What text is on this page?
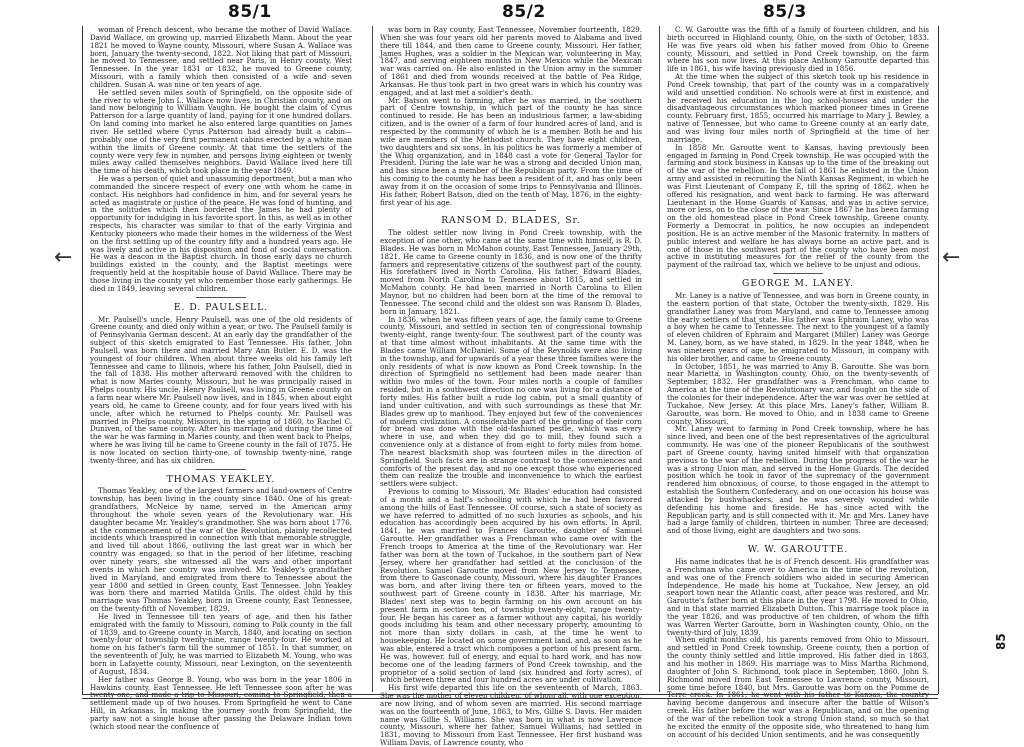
85/1	85/2	85/3
←	←
85

woman of French descent, who became the mother of David Wallace. David Wallace, on growing up, married Elizabeth Mann. About the year 1821 he moved to Wayne county, Missouri, where Susan A. Wallace was born, January the twenty-second, 1822. Not liking that part of Missouri, he moved to Tennessee, and settled near Paris, in Henry county, West Tennessee. In the year 1831 or 1832, he moved to Greene county, Missouri, with a family which then consisted of a wife and seven children. Susan A. was nine or ten years of age.

He settled seven miles south of Springfield, on the opposite side of the river to where John L. Wallace now lives, in Christian county, and on land now belonging to William Vaughn. He bought the claim of Cyrus Patterson for a large quantity of land, paying for it one hundred dollars. On land coming into market he also entered large quantities on James river. He settled where Cyrus Patterson had already built a cabin—probably one of the very first permanent cabins erected by a white man within the limits of Greene county. At that time the settlers of the county were very few in number, and persons living eighteen or twenty miles away called themselves neighbors. David Wallace lived here till the time of his death, which took place in the year 1849.

He was a person of quiet and unassuming deportment, but a man who commanded the sincere respect of every one with whom he came in contact. His neighbors had confidence in him, and for several years he acted as magistrate or justice of the peace. He was fond of hunting, and in the solitudes which then bordered the James he had plenty of opportunity for indulging in his favorite sport. In this, as well as in other respects, his character was similar to that of the early Virginia and Kentucky pioneers who made their homes in the wilderness of the West on the first settling up of the country fifty and a hundred years ago. He was lively and active in his disposition and fond of social conversation. He was a deacon in the Baptist church. In those early days no church buildings existed in the county, and the Baptist meetings were frequently held at the hospitable house of David Wallace. There may be those living in the county yet who remember those early gatherings. He died in 1849, leaving several children.

E. D. PAULSELL.

Mr. Paulsell's uncle, Henry Paulsell, was one of the old residents of Greene county, and died only within a year, or two. The Paulsell family is of Pennsylvania German descent. At an early day the grandfather of the subject of this sketch emigrated to East Tennessee. His father, John Paulsell, was born there and married Mary Ann Butler. E. D. was the youngest of four children. When about three weeks old his family left Tennessee and came to Illinois, where his father, John Paulsell, died in the fall of 1838. His mother afterward removed with the children to what is now Maries county, Missouri, but he was principally raised in Phelps county. His uncle, Henry Paulsell, was living in Greene county on a farm near where Mr. Paulsell now lives, and in 1845, when about eight years old, he came to Greene county, and for four years lived with his uncle, after which he returned to Phelps county. Mr. Paulsell was married in Phelps county, Missouri, in the spring of 1860, to Rachel C. Duniven, of the same county. After his marriage and during the time of the war he was farming in Maries county, and then went back to Phelps, where he was living till he came to Greene county in the fall of 1875. He is now located on section thirty-one, of township twenty-nine, range twenty-three, and has six children.

THOMAS YEAKLEY.

Thomas Yeakley, one of the largest farmers and land-owners of Centre township, has been living in the county since 1840. One of his great-grandfathers, McNeice by name, served in the American army throughout the whole seven years of the Revolutionary war. His daughter became Mr. Yeakley's grandmother. She was born about 1776, at the commencement of the war of the Revolution, plainly recollected incidents which transpired in connection with that memorable struggle, and lived till about 1866, outliving the last great war in which her country was engaged, so that in the period of her lifetime, reaching over ninety years, she witnessed all the wars and other important events in which her country was involved. Mr. Yeakley's grandfather lived in Maryland, and emigrated from there to Tennessee about the year 1800 and settled in Green county, East Tennessee. John Yeakley was born there and married Matilda Grills. The oldest child by this marriage was Thomas Yeakley, born in Greene county, East Tennessee, on the twenty-fifth of November, 1829.

He lived in Tennessee till ten years of age, and then his father emigrated with the family to Missouri, coming to Polk county in the fall of 1839, and to Greene county in March, 1840, and locating on section twenty-four of township twenty-nine, range twenty-four. He worked at home on his father's farm till the summer of 1851. In that summer, on the seventeenth of July, he was married to Elizabeth M. Young, who was born in Lafayette county, Missouri, near Lexington, on the seventeenth of August, 1834.

Her father was George B. Young, who was born in the year 1806 in Hawkins county, East Tennessee. He left Tennessee soon after he was twenty-one, and made a trip to Missouri, coming to Springfield, then a settlement made up of two houses. From Springfield he went to Cane Hill, in Arkansas. In making the journey south from Springfield, the party saw not a single house after passing the Delaware Indian town (which stood near the confluence of

was born in Ray county, East Tennessee, November fourteenth, 1829. When she was four years old her parents moved to Alabama and lived there till 1844, and then came to Greene county, Missouri. Her father, James Hughes, was a soldier in the Mexican war, volunteering in May, 1847, and serving eighteen months in New Mexico while the Mexican war was carried on. He also enlisted in the Union army in the summer of 1861 and died from wounds received at the battle of Pea Ridge, Arkansas. He thus took part in two great wars in which his country was engaged, and at last met a soldier's death.

Mr. Batson went to farming, after he was married, in the southern part of Centre township, in which part of the county he has since continued to reside. He has been an industrious farmer, a law-abiding citizen, and is the owner of a farm of four hundred acres of land, and is respected by the community of which he is a member. Both he and his wife are members of the Methodist church. They have eight children, two daughters and six sons. In his politics he was formerly a member of the Whig organization, and in 1848 cast a vote for General Taylor for President. During the late war he was a strong and decided Union man, and has since been a member of the Republican party. From the time of his coming to the county he has been a resident of it, and has only been away from it on the occasion of some trips to Pennsylvania and Illinois. His father, Robert Batson, died on the tenth of May, 1876, in the eighty-first year of his age.

RANSOM D. BLADES, Sr.

The oldest settler now living in Pond Creek township, with the exception of one other, who came at the same time with himself, is R. D. Blades. He was born in McMahon county, East Tennessee, January 29th, 1821. He came to Greene county in 1836, and is now one of the thrifty farmers and representative citizens of the southwest part of the county. His forefathers lived in North Carolina. His father, Edward Blades, moved from North Carolina to Tennessee about 1815, and settled in McMahon county. He had been married in North Carolina to Ellen Maynor, but no children had been born at the time of the removal to Tennessee. The second child and the oldest son was Ransom D. Blades, born in January, 1821.

In 1836, when he was fifteen years of age, the family came to Greene county, Missouri, and settled in section ten of congressional township twenty-eight, range twenty-four. The southwest part of the county was at that time almost without inhabitants. At the same time with the Blades came William McDaniel. Some of the Reynolds were also living in the township, and for upwards of a year these three families were the only residents of what is now known as Pond Creek township. In the direction of Springfield no settlement had been made nearer than within two miles of the town. Four miles north a couple of families resided, but in a southwest direction no one was living for a distance of forty miles. His father built a rude log cabin, put a small quantity of land under cultivation, and with such surroundings as these that Mr. Blades grew up to manhood. They enjoyed but few of the conveniences of modern civilization. A considerable part of the grinding of their corn for bread was done with the old-fashioned pestle, which was every where in use, and when they did go to mill, they found such a convenience only at a distance of from eight to forty miles from home. The nearest blacksmith shop was fourteen miles in the direction of Springfield. Such facts are in strange contrast to the conveniences and comforts of the present day, and no one except those who experienced them can realize the trouble and inconvenience to which the earliest settlers were subject.

Previous to coming to Missouri, Mr. Blades' education had consisted of a month and a half's schooling with which he had been favored among the hills of East Tennessee. Of course, such a state of society as we have referred to admitted of no such luxuries as schools, and his education has accordingly been acquired by his own efforts. In April, 1841, he was married to Frances Garoutte, daughter of Samuel Garoutte. Her grandfather was a Frenchman who came over with the French troops to America at the time of the Revolutionary war. Her father was born at the town of Tuckahoe, in the southern part of New Jersey, where her grandfather had settled at the conclusion of the Revolution. Samuel Garoutte moved from New Jersey to Tennessee, from there to Gasconade county, Missouri, where his daughter Frances was born, and after living there ten or fifteen years, moved to the southwest part of Greene county in 1838. After his marriage, Mr. Blades' next step was to begin farming on his own account on his present farm in section ten, of township twenty-eight, range twenty-four. He began his career as a farmer without any capital, his worldly goods including his team and other necessary property, amounting to not more than sixty dollars in cash, at the time he went to housekeeping. He located on some government land, and, as soon as he was able, entered a tract which composes a portion of his present farm. He was, however, full of energy, and equal to hard work, and has now become one of the leading farmers of Pond Creek township, and the proprietor of a solid section of land (six hundred and forty acres), of which between three and four hundred acres are under cultivation.

His first wife departed this life on the seventeenth of March, 1863. She was the mother of eleven children, of whom all, with one exception, are now living, and of whom seven are married. His second marriage was on the fourteenth of June, 1863, to Mrs. Gillie S. Davis. Her maiden name was Gillie S. Williams. She was born in what is now Lawrence county, Missouri, where her father, Samuel Williams, had settled in 1831, moving to Missouri from East Tennessee. Her first husband was William Davis, of Lawrence county, who

C. W. Garoutte was the fifth of a family of fourteen children, and his birth occurred in Highland county, Ohio, on the sixth of October, 1833. He was five years old when his father moved from Ohio to Greene county, Missouri, and settled in Pond Creek township, on the farm where his son now lives. At this place Anthony Garoutte departed this life in 1861, his wife having previously died in 1856.

At the time when the subject of this sketch took up his residence in Pond Creek township, that part of the county was in a comparatively wild and unsettled condition. No schools were at first in existence, and he received his education in the log school-houses and under the disadvantageous circumstances which marked pioneer times in Greene county. February first, 1855, occurred his marriage to Mary J. Bewley, a native of Tennessee, but who came to Greene county at an early date, and was living four miles north of Springfield at the time of her marriage.

In 1858 Mr. Garoutte went to Kansas, having previously been engaged in farming in Pond Creek township. He was occupied with the farming and stock business in Kansas up to the time of the breaking out of the war of the rebellion. In the fall of 1861 he enlisted in the Union army and assisted in recruiting the Ninth Kansas Regiment, in which he was First Lieutenant of Company E, till the spring of 1862, when he offered his resignation, and went back to farming. He was afterward Lieutenant in the Home Guards of Kansas, and was in active service, more or less, on to the close of the war. Since 1867 he has been farming on the old homestead place in Pond Creek township, Greene county. Formerly a Democrat in politics, he now occupies an independent position. He is an active member of the Masonic fraternity. In matters of public interest and welfare he has always borne an active part, and is one of those in the southwest part of the county who have been most active in instituting measures for the relief of the county from the payment of the railroad tax, which we believe to be unjust and odious.

GEORGE M. LANEY.

Mr. Laney is a native of Tennessee, and was born in Greene county, in the eastern portion of that state, October the twenty-sixth, 1829. His grandfather Laney was from Maryland, and came to Tennessee among the early settlers of that state. His father was Ephraim Laney, who was a boy when he came to Tennessee. The next to the youngest of a family of eleven children of Ephraim and Margaret (Miller) Laney was George M. Laney, born, as we have stated, in 1829. In the year 1848, when he was nineteen years of age, he emigrated to Missouri, in company with his older brother, and came to Greene county.

In October, 1851, he was married to Amy B. Garoutte. She was born near Marietta, in Washington county, Ohio, on the twenty-seventh of September, 1832. Her grandfather was a Frenchman, who came to America at the time of the Revolutionary war, and fought on the side of the colonies for their independence. After the war was over he settled at Tuckahoe, New Jersey. At this place Mrs. Laney's father, William B. Garoutte, was born. He moved to Ohio, and in 1838 came to Greene county, Missouri.

Mr. Laney went to farming in Pond Creek township, where he has since lived, and been one of the best representatives of the agricultural community. He was one of the pioneer Republicans of the southwest part of Greene county, having united himself with that organization previous to the war of the rebellion. During the progress of the war he was a strong Union man, and served in the Home Guards. The decided position which he took in favor of the supremacy of the government rendered him obnoxious, of course, to those engaged in the attempt to establish the Southern Confederacy, and on one occasion his house was attacked by bushwhackers, and he was severely wounded while defending his home and fireside. He has since acted with the Republican party, and is still connected with it. Mr. and Mrs. Laney have had a large family of children, thirteen in number. Three are deceased; and of those living, eight are daughters and two sons.

W. W. GAROUTTE.

His name indicates that he is of French descent. His grandfather was a Frenchman who came over to America in the time of the revolution, and was one of the French soldiers who aided in securing American Independence. He made his home at Tuckahoe, New Jersey, an old seaport town near the Atlantic coast, after peace was restored, and Mr. Garoutte's father born at this place in the year 1798. He moved to Ohio, and in that state married Elizabeth Dutton. This marriage took place in the year 1826, and was productive of ten children, of whom the fifth was Warren Werter Garoutte, born in Washington county, Ohio, on the twenty-third of July, 1839.

When eight months old, his parents removed from Ohio to Missouri, and settled in Pond Creek township, Greene county, then a portion of the county thinly settled and little improved. His father died in 1863, and his mother in 1869. His marriage was to Miss Martha Richmond, daughter of John S. Richmond, took place in September, 1860. John S. Richmond moved from East Tennessee to Lawrence county, Missouri, some time before 1840, but Mrs. Garoutte was born on the Pomme de Terre creek. In 1861, he went with his father to Kansas, the country having become dangerous and insecure after the battle of Wilson's creek. His father before the war was a Republican, and on the opening of the war of the rebellion took a strong Union stand, so much so that he excited the enmity of the opposite side, who threatened to hang him on account of his decided Union sentiments, and he was consequently
